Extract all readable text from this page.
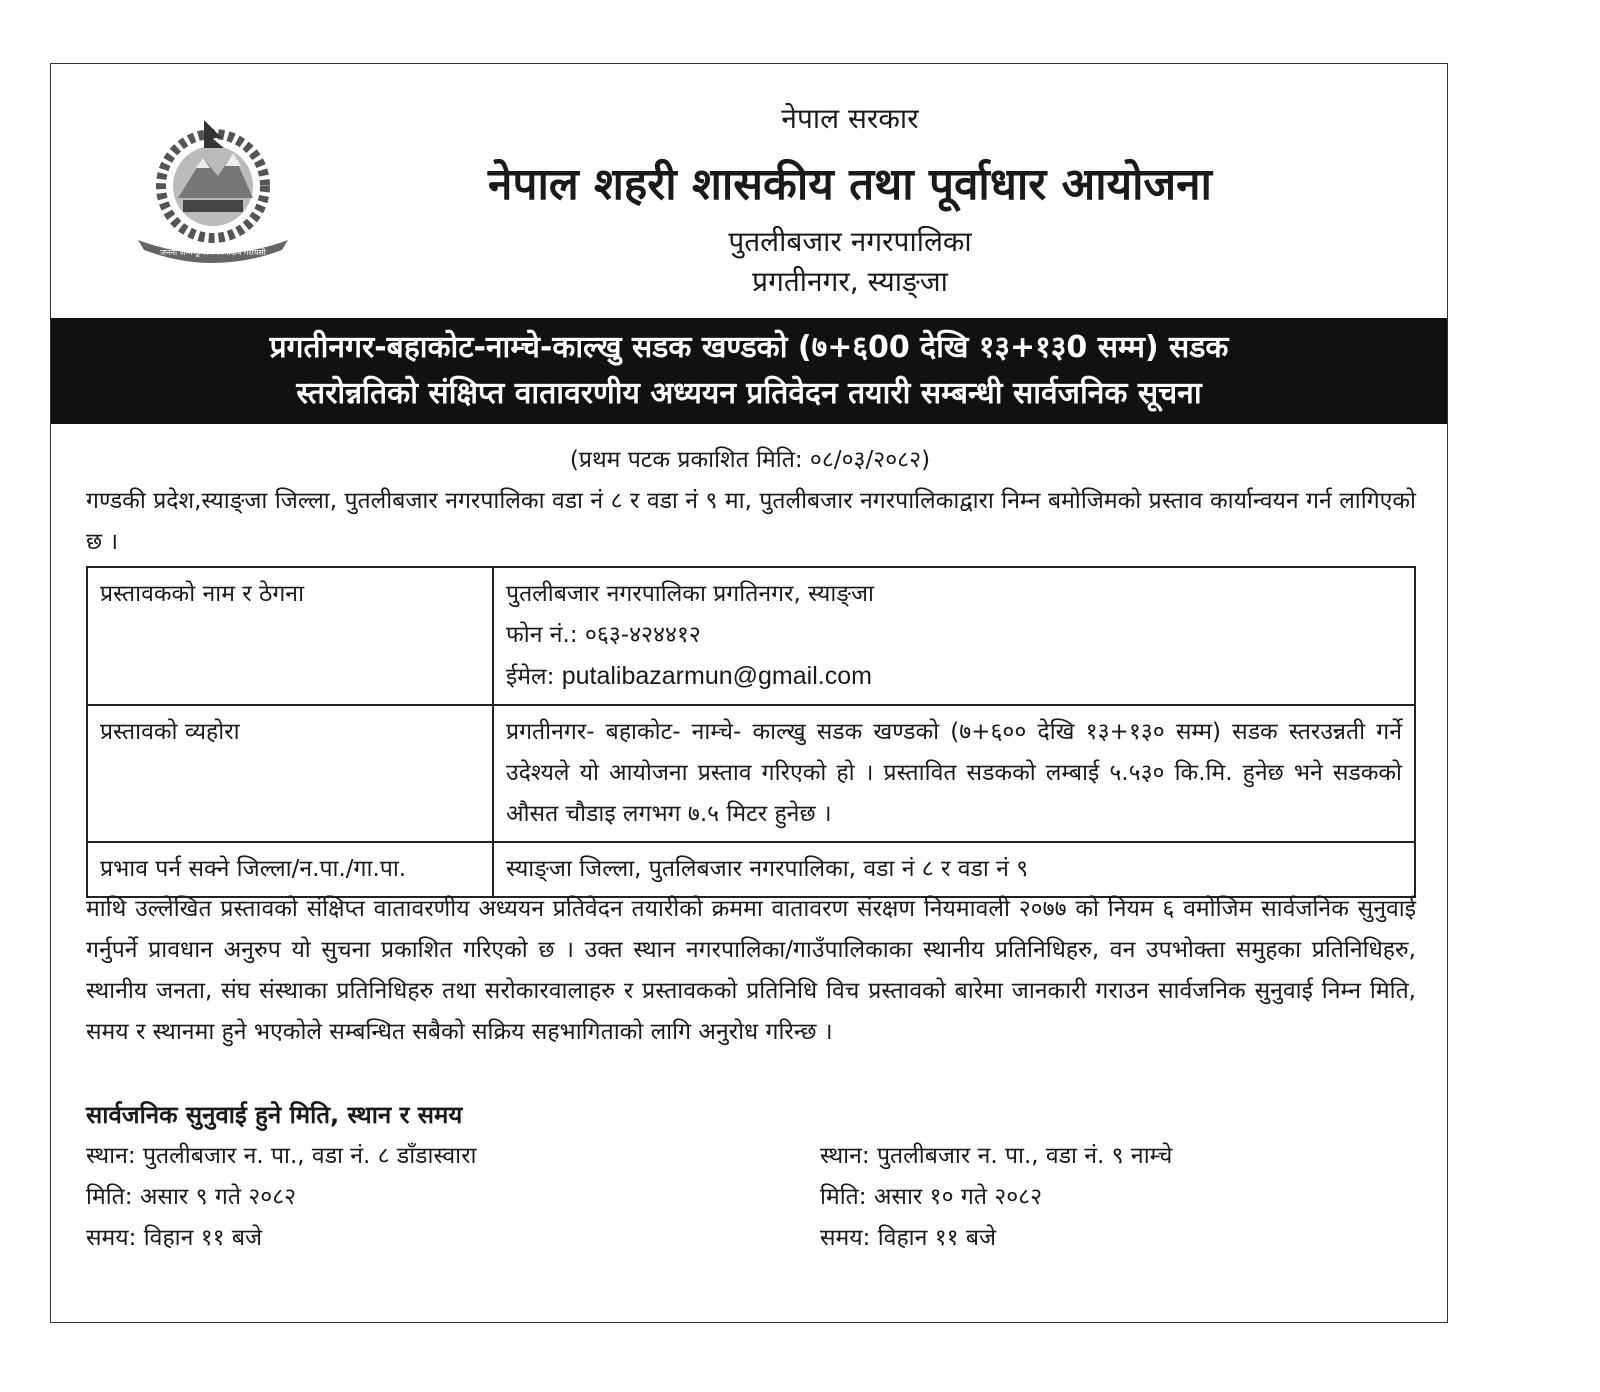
जननी जन्मभूमिश्च स्वर्गादपि गरीयसी
नेपाल सरकार
नेपाल शहरी शासकीय तथा पूर्वाधार आयोजना
पुतलीबजार नगरपालिका
प्रगतीनगर, स्याङ्जा
प्रगतीनगर-बहाकोट-नाम्चे-काल्खु सडक खण्डको (७+६00 देखि १३+१३0 सम्म) सडक
स्तरोन्नतिको संक्षिप्त वातावरणीय अध्ययन प्रतिवेदन तयारी सम्बन्धी सार्वजनिक सूचना
(प्रथम पटक प्रकाशित मिति: ०८/०३/२०८२)
गण्डकी प्रदेश,स्याङ्जा जिल्ला, पुतलीबजार नगरपालिका वडा नं ८ र वडा नं ९ मा, पुतलीबजार नगरपालिकाद्वारा निम्न बमोजिमको प्रस्ताव कार्यान्वयन गर्न लागिएको छ ।
प्रस्तावकको नाम र ठेगना	पुतलीबजार नगरपालिका प्रगतिनगर, स्याङ्जा
फोन नं.: ०६३-४२४४१२
ईमेल: putalibazarmun@gmail.com

प्रस्तावको व्यहोरा	प्रगतीनगर- बहाकोट- नाम्चे- काल्खु सडक खण्डको (७+६०० देखि १३+१३० सम्म) सडक स्तरउन्नती गर्ने उदेश्यले यो आयोजना प्रस्ताव गरिएको हो । प्रस्तावित सडकको लम्बाई ५.५३० कि.मि. हुनेछ भने सडकको औसत चौडाइ लगभग ७.५ मिटर हुनेछ ।
प्रभाव पर्न सक्ने जिल्ला/न.पा./गा.पा.	स्याङ्जा जिल्ला, पुतलिबजार नगरपालिका, वडा नं ८ र वडा नं ९
माथि उल्लेखित प्रस्तावको संक्षिप्त वातावरणीय अध्ययन प्रतिवेदन तयारीको क्रममा वातावरण संरक्षण नियमावली २०७७ को नियम ६ वमोजिम सार्वजनिक सुनुवाई गर्नुपर्ने प्रावधान अनुरुप यो सुचना प्रकाशित गरिएको छ । उक्त स्थान नगरपालिका/गाउँपालिकाका स्थानीय प्रतिनिधिहरु, वन उपभोक्ता समुहका प्रतिनिधिहरु, स्थानीय जनता, संघ संस्थाका प्रतिनिधिहरु तथा सरोकारवालाहरु र प्रस्तावकको प्रतिनिधि विच प्रस्तावको बारेमा जानकारी गराउन सार्वजनिक सुनुवाई निम्न मिति, समय र स्थानमा हुने भएकोले सम्बन्धित सबैको सक्रिय सहभागिताको लागि अनुरोध गरिन्छ ।
सार्वजनिक सुनुवाई हुने मिति, स्थान र समय
स्थान: पुतलीबजार न. पा., वडा नं. ८ डाँडास्वारा
मिति: असार ९ गते २०८२
समय: विहान ११ बजे
स्थान: पुतलीबजार न. पा., वडा नं. ९ नाम्चे
मिति: असार १० गते २०८२
समय: विहान ११ बजे
